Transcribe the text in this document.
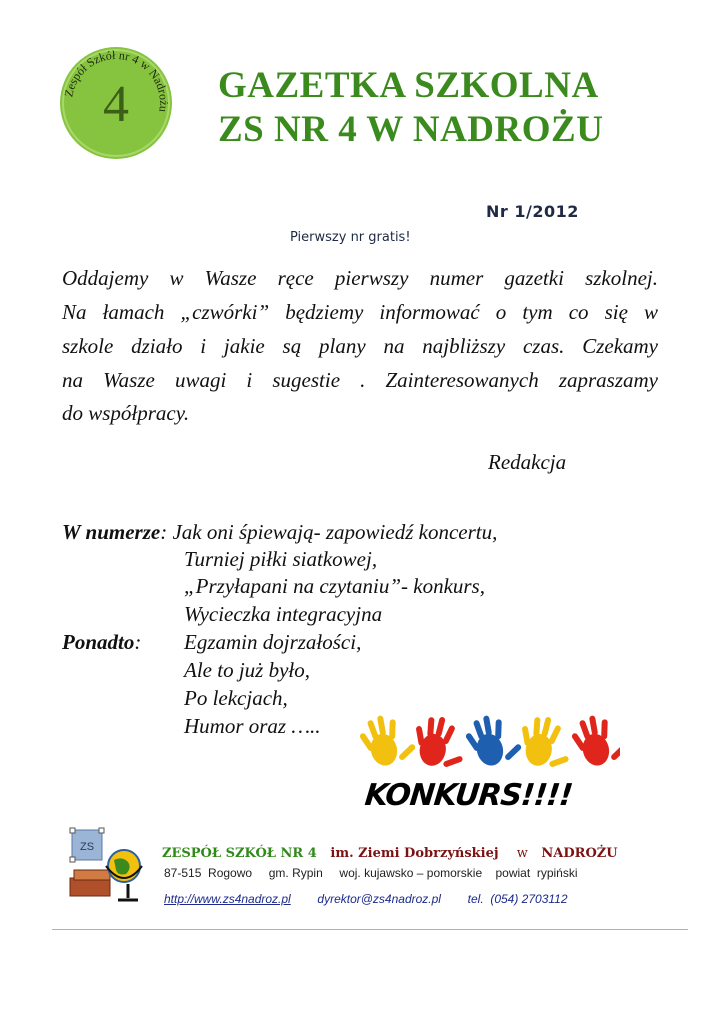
Zespół Szkół nr 4 w Nadrożu
4 GAZETKA SZKOLNA
ZS NR 4 W NADROŻU
Nr 1/2012
Pierwszy nr gratis!
Oddajemy w Wasze ręce pierwszy numer gazetki szkolnej.
Na łamach „czwórki” będziemy informować o tym co się w
szkole działo i jakie są plany na najbliższy czas. Czekamy
na Wasze uwagi i sugestie . Zainteresowanych zapraszamy
do współpracy.
Redakcja
W numerze: Jak oni śpiewają- zapowiedź koncertu,
Turniej piłki siatkowej,
„Przyłapani na czytaniu”- konkurs,
Wycieczka integracyjna
Ponadto: Egzamin dojrzałości,
Ale to już było,
Po lekcjach,
Humor oraz …..
KONKURS!!!!
ZS	ZESPÓŁ SZKÓŁ NR 4 im. Ziemi Dobrzyńskiej w NADROŻU
87-515  Rogowo     gm. Rypin     woj. kujawsko – pomorskie    powiat  rypiński
http://www.zs4nadroz.pl dyrektor@zs4nadroz.pl tel.  (054) 2703112
